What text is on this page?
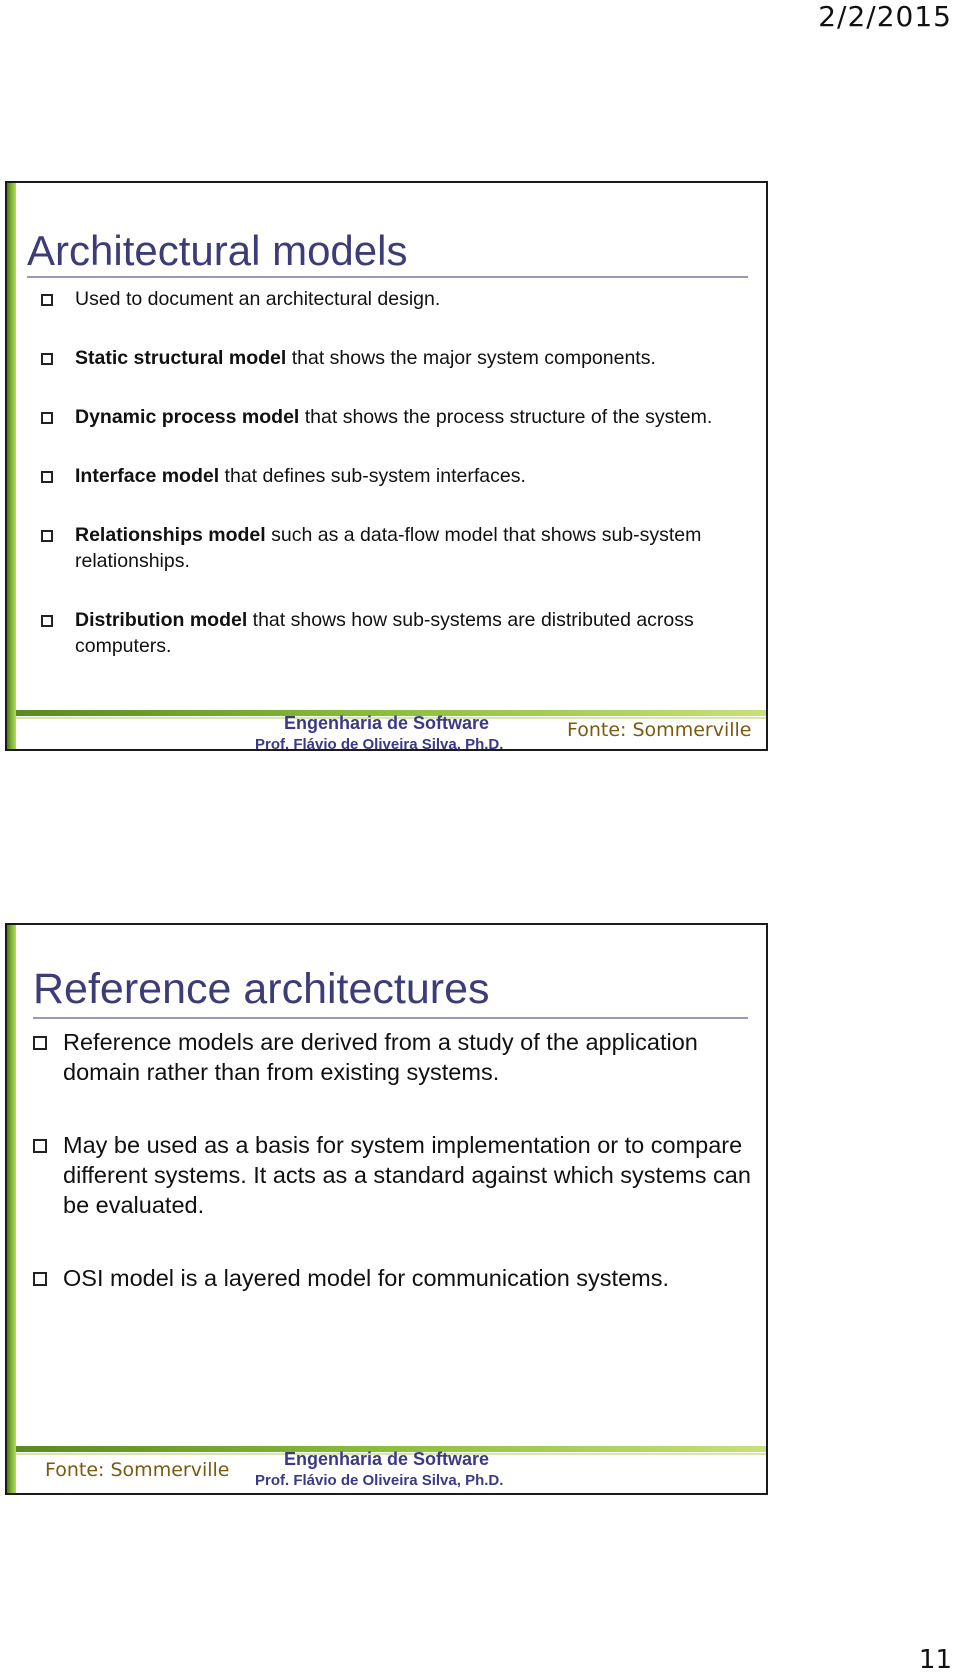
2/2/2015
Architectural models
Used to document an architectural design.
Static structural model that shows the major system components.
Dynamic process model that shows the process structure of the system.
Interface model that defines sub-system interfaces.
Relationships model such as a data-flow model that shows sub-system relationships.
Distribution model that shows how sub-systems are distributed across computers.
Engenharia de Software
Prof. Flávio de Oliveira Silva, Ph.D.
Fonte: Sommerville
Reference architectures
Reference models are derived from a study of the application domain rather than from existing systems.
May be used as a basis for system implementation or to compare different systems. It acts as a standard against which systems can be evaluated.
OSI model is a layered model for communication systems.
Fonte: Sommerville	Engenharia de Software
Prof. Flávio de Oliveira Silva, Ph.D.
11
